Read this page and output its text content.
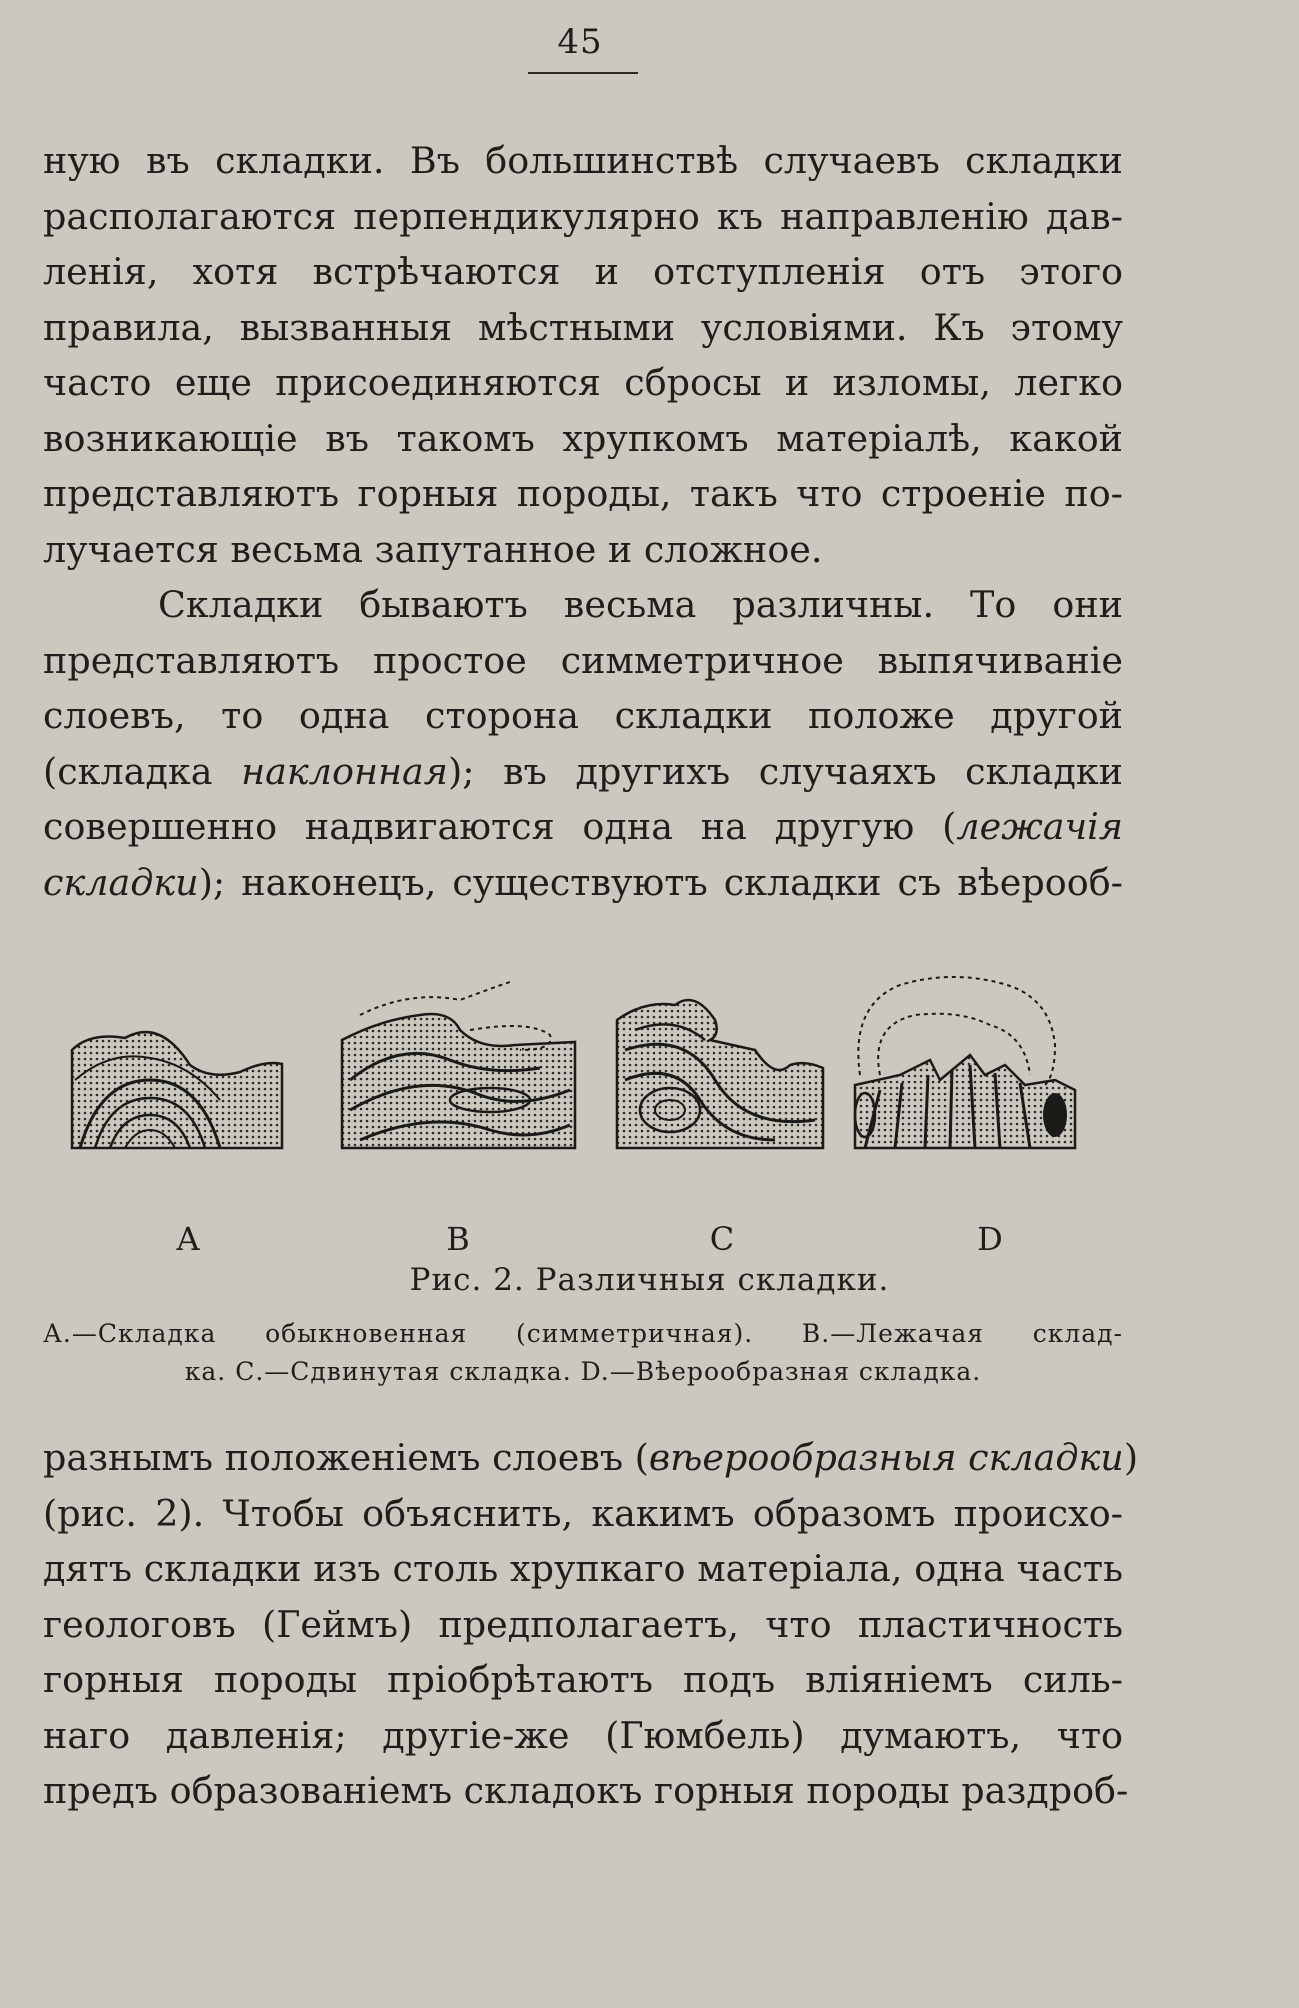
45
ную въ складки. Въ большинствѣ случаевъ складки
располагаются перпендикулярно къ направленію дав-
ленія, хотя встрѣчаются и отступленія отъ этого
правила, вызванныя мѣстными условіями. Къ этому
часто еще присоединяются сбросы и изломы, легко
возникающіе въ такомъ хрупкомъ матеріалѣ, какой
представляютъ горныя породы, такъ что строеніе по-
лучается весьма запутанное и сложное.
Складки бываютъ весьма различны. То они
представляютъ простое симметричное выпячиваніе
слоевъ, то одна сторона складки положе другой
(складка наклонная); въ другихъ случаяхъ складки
совершенно надвигаются одна на другую (лежачія
складки); наконецъ, существуютъ складки съ вѣерооб-
A	B	C	D
Рис. 2. Различныя складки.
А.—Складка обыкновенная (симметричная). В.—Лежачая склад-
ка. С.—Сдвинутая складка. D.—Вѣерообразная складка.
разнымъ положеніемъ слоевъ (вѣерообразныя складки)
(рис. 2). Чтобы объяснить, какимъ образомъ происхо-
дятъ складки изъ столь хрупкаго матеріала, одна часть
геологовъ (Геймъ) предполагаетъ, что пластичность
горныя породы пріобрѣтаютъ подъ вліяніемъ силь-
наго давленія; другіе-же (Гюмбель) думаютъ, что
предъ образованіемъ складокъ горныя породы раздроб-
